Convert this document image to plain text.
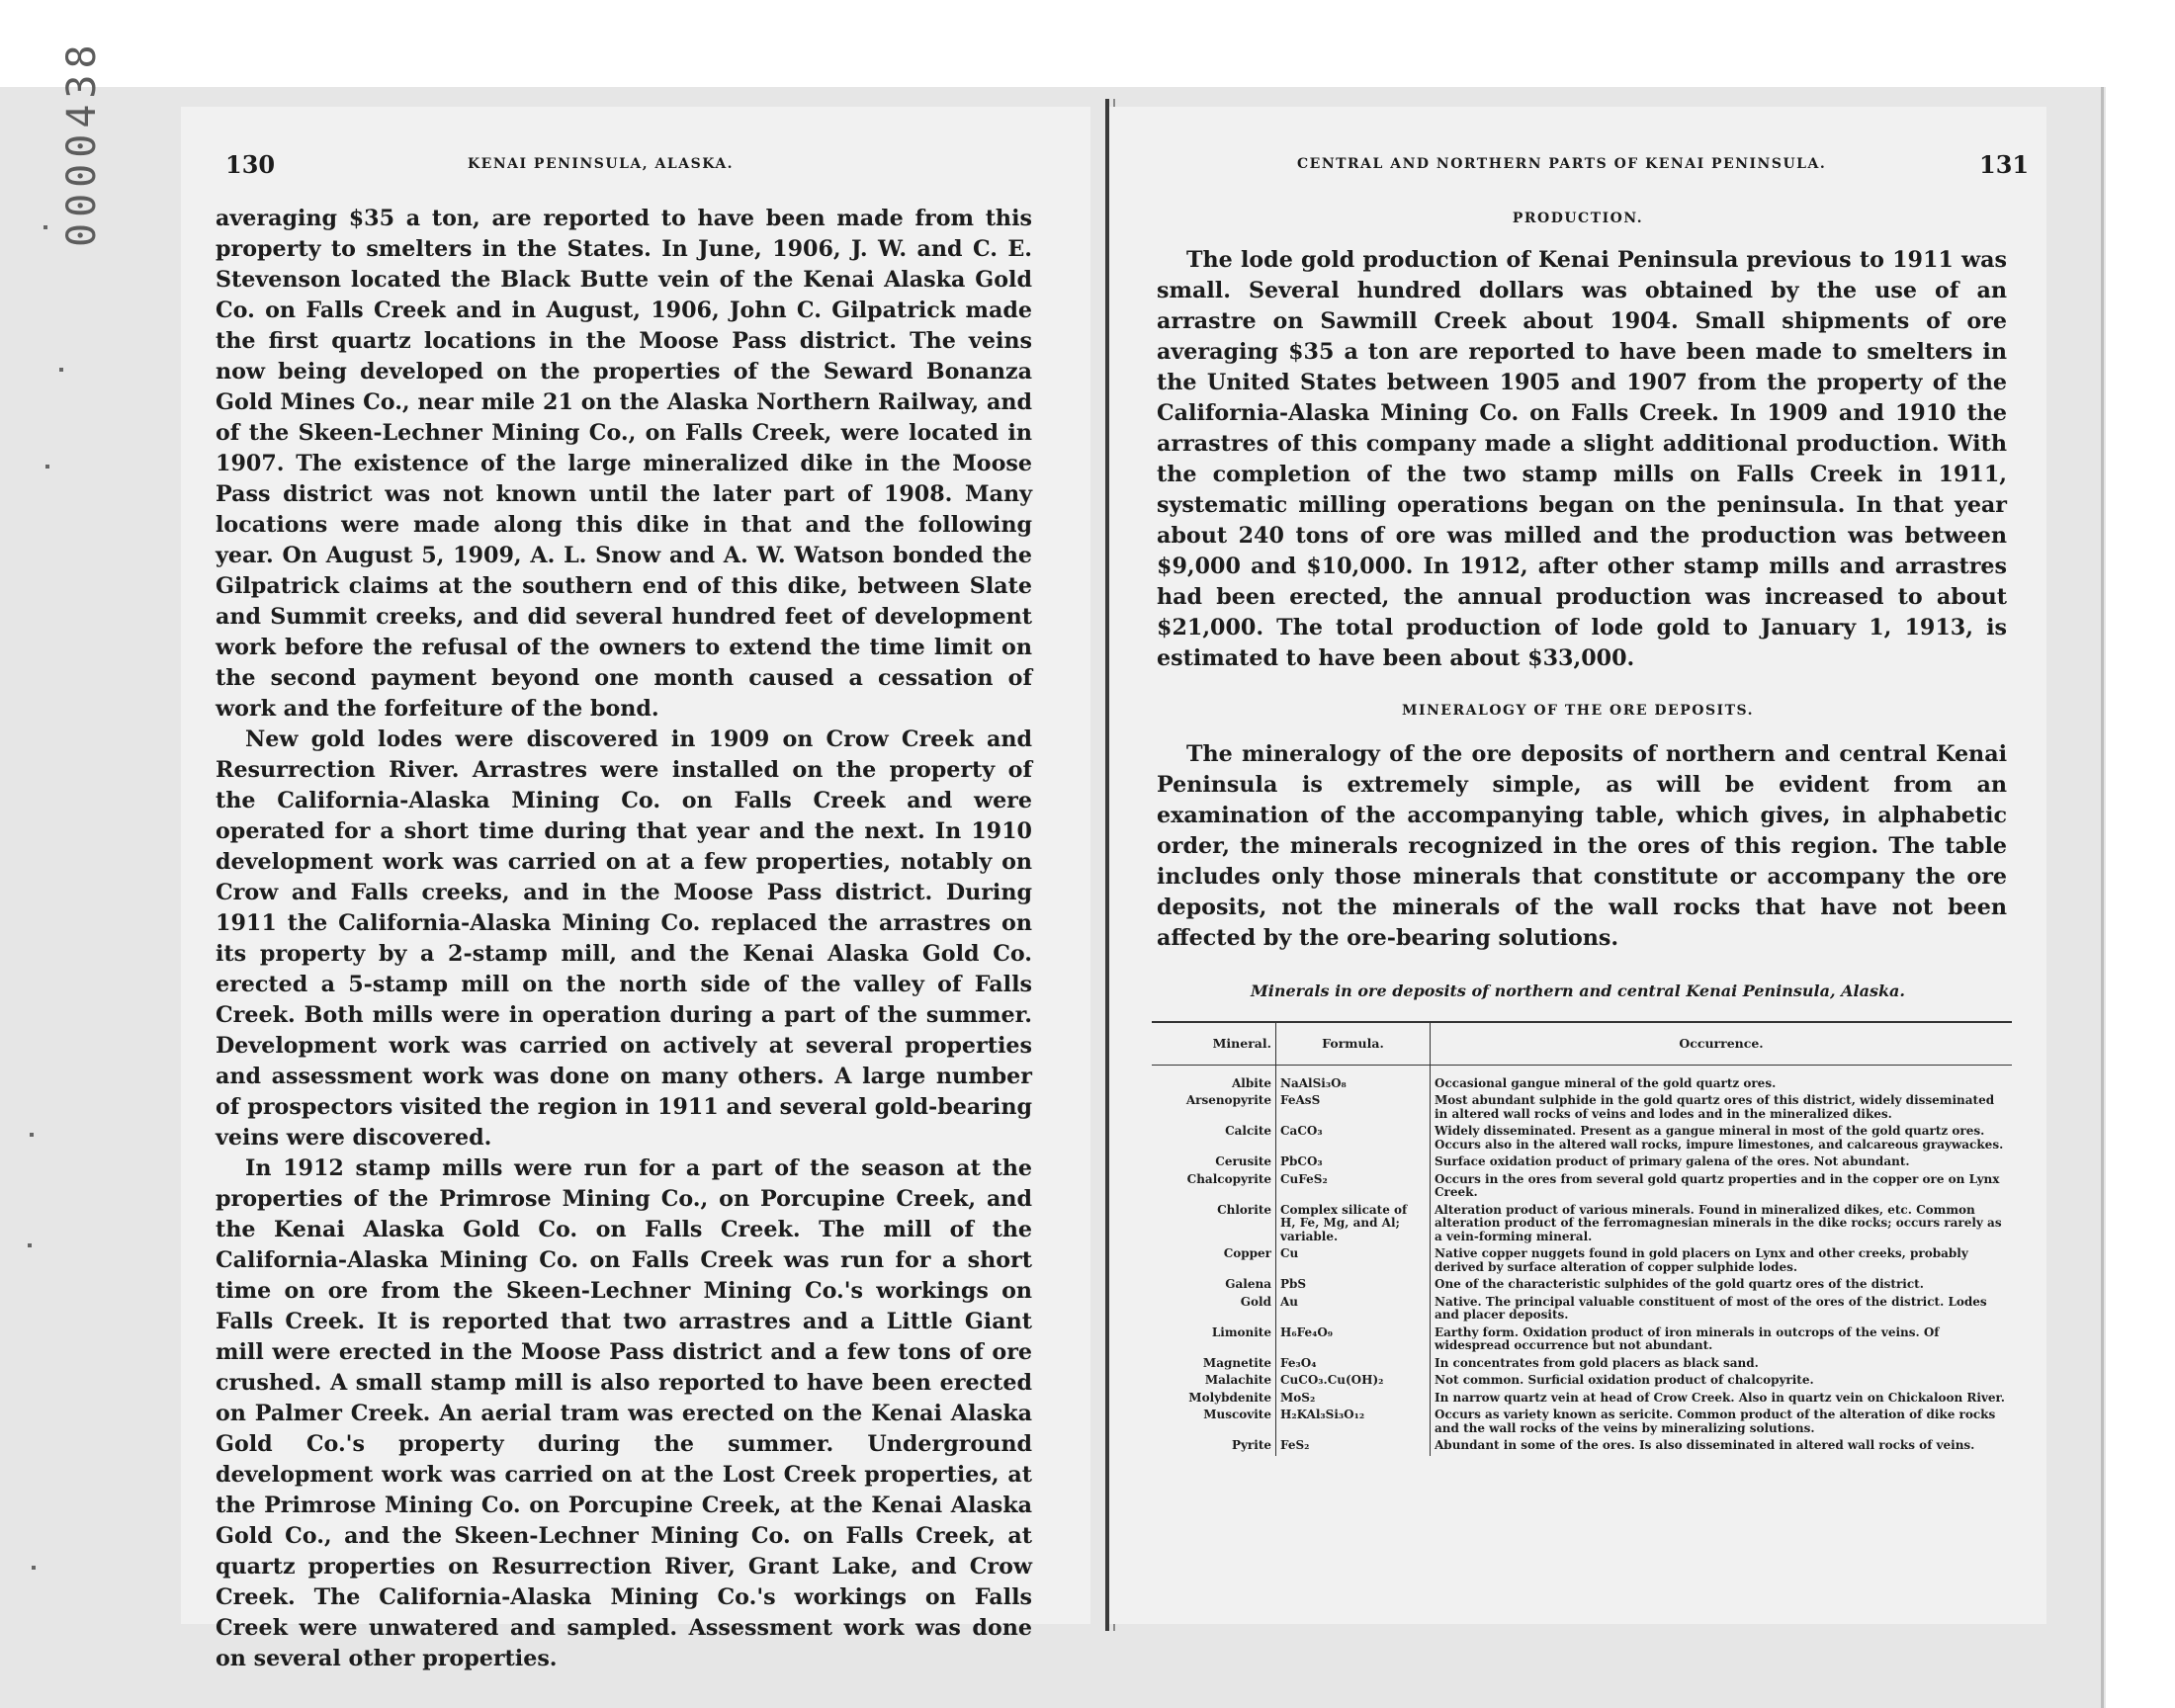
0000438	130	KENAI PENINSULA, ALASKA.

averaging $35 a ton, are reported to have been made from this property to smelters in the States. In June, 1906, J. W. and C. E. Stevenson located the Black Butte vein of the Kenai Alaska Gold Co. on Falls Creek and in August, 1906, John C. Gilpatrick made the first quartz locations in the Moose Pass district. The veins now being developed on the properties of the Seward Bonanza Gold Mines Co., near mile 21 on the Alaska Northern Railway, and of the Skeen-Lechner Mining Co., on Falls Creek, were located in 1907. The existence of the large mineralized dike in the Moose Pass district was not known until the later part of 1908. Many locations were made along this dike in that and the following year. On August 5, 1909, A. L. Snow and A. W. Watson bonded the Gilpatrick claims at the southern end of this dike, between Slate and Summit creeks, and did several hundred feet of development work before the refusal of the owners to extend the time limit on the second payment beyond one month caused a cessation of work and the forfeiture of the bond.

New gold lodes were discovered in 1909 on Crow Creek and Resurrection River. Arrastres were installed on the property of the California-Alaska Mining Co. on Falls Creek and were operated for a short time during that year and the next. In 1910 development work was carried on at a few properties, notably on Crow and Falls creeks, and in the Moose Pass district. During 1911 the California-Alaska Mining Co. replaced the arrastres on its property by a 2-stamp mill, and the Kenai Alaska Gold Co. erected a 5-stamp mill on the north side of the valley of Falls Creek. Both mills were in operation during a part of the summer. Development work was carried on actively at several properties and assessment work was done on many others. A large number of prospectors visited the region in 1911 and several gold-bearing veins were discovered.

In 1912 stamp mills were run for a part of the season at the properties of the Primrose Mining Co., on Porcupine Creek, and the Kenai Alaska Gold Co. on Falls Creek. The mill of the California-Alaska Mining Co. on Falls Creek was run for a short time on ore from the Skeen-Lechner Mining Co.'s workings on Falls Creek. It is reported that two arrastres and a Little Giant mill were erected in the Moose Pass district and a few tons of ore crushed. A small stamp mill is also reported to have been erected on Palmer Creek. An aerial tram was erected on the Kenai Alaska Gold Co.'s property during the summer. Underground development work was carried on at the Lost Creek properties, at the Primrose Mining Co. on Porcupine Creek, at the Kenai Alaska Gold Co., and the Skeen-Lechner Mining Co. on Falls Creek, at quartz properties on Resurrection River, Grant Lake, and Crow Creek. The California-Alaska Mining Co.'s workings on Falls Creek were unwatered and sampled. Assessment work was done on several other properties.

CENTRAL AND NORTHERN PARTS OF KENAI PENINSULA.	131
PRODUCTION.

The lode gold production of Kenai Peninsula previous to 1911 was small. Several hundred dollars was obtained by the use of an arrastre on Sawmill Creek about 1904. Small shipments of ore averaging $35 a ton are reported to have been made to smelters in the United States between 1905 and 1907 from the property of the California-Alaska Mining Co. on Falls Creek. In 1909 and 1910 the arrastres of this company made a slight additional production. With the completion of the two stamp mills on Falls Creek in 1911, systematic milling operations began on the peninsula. In that year about 240 tons of ore was milled and the production was between $9,000 and $10,000. In 1912, after other stamp mills and arrastres had been erected, the annual production was increased to about $21,000. The total production of lode gold to January 1, 1913, is estimated to have been about $33,000.

MINERALOGY OF THE ORE DEPOSITS.

The mineralogy of the ore deposits of northern and central Kenai Peninsula is extremely simple, as will be evident from an examination of the accompanying table, which gives, in alphabetic order, the minerals recognized in the ores of this region. The table includes only those minerals that constitute or accompany the ore deposits, not the minerals of the wall rocks that have not been affected by the ore-bearing solutions.

Minerals in ore deposits of northern and central Kenai Peninsula, Alaska.
Mineral.	Formula.	Occurrence.
Albite	NaAlSi₃O₈	Occasional gangue mineral of the gold quartz ores.
Arsenopyrite	FeAsS	Most abundant sulphide in the gold quartz ores of this district, widely disseminated in altered wall rocks of veins and lodes and in the mineralized dikes.
Calcite	CaCO₃	Widely disseminated. Present as a gangue mineral in most of the gold quartz ores. Occurs also in the altered wall rocks, impure limestones, and calcareous graywackes.
Cerusite	PbCO₃	Surface oxidation product of primary galena of the ores. Not abundant.
Chalcopyrite	CuFeS₂	Occurs in the ores from several gold quartz properties and in the copper ore on Lynx Creek.
Chlorite	Complex silicate of H, Fe, Mg, and Al; variable.	Alteration product of various minerals. Found in mineralized dikes, etc. Common alteration product of the ferromagnesian minerals in the dike rocks; occurs rarely as a vein-forming mineral.
Copper	Cu	Native copper nuggets found in gold placers on Lynx and other creeks, probably derived by surface alteration of copper sulphide lodes.
Galena	PbS	One of the characteristic sulphides of the gold quartz ores of the district.
Gold	Au	Native. The principal valuable constituent of most of the ores of the district. Lodes and placer deposits.
Limonite	H₆Fe₄O₉	Earthy form. Oxidation product of iron minerals in outcrops of the veins. Of widespread occurrence but not abundant.
Magnetite	Fe₃O₄	In concentrates from gold placers as black sand.
Malachite	CuCO₃.Cu(OH)₂	Not common. Surficial oxidation product of chalcopyrite.
Molybdenite	MoS₂	In narrow quartz vein at head of Crow Creek. Also in quartz vein on Chickaloon River.
Muscovite	H₂KAl₃Si₃O₁₂	Occurs as variety known as sericite. Common product of the alteration of dike rocks and the wall rocks of the veins by mineralizing solutions.
Pyrite	FeS₂	Abundant in some of the ores. Is also disseminated in altered wall rocks of veins.
